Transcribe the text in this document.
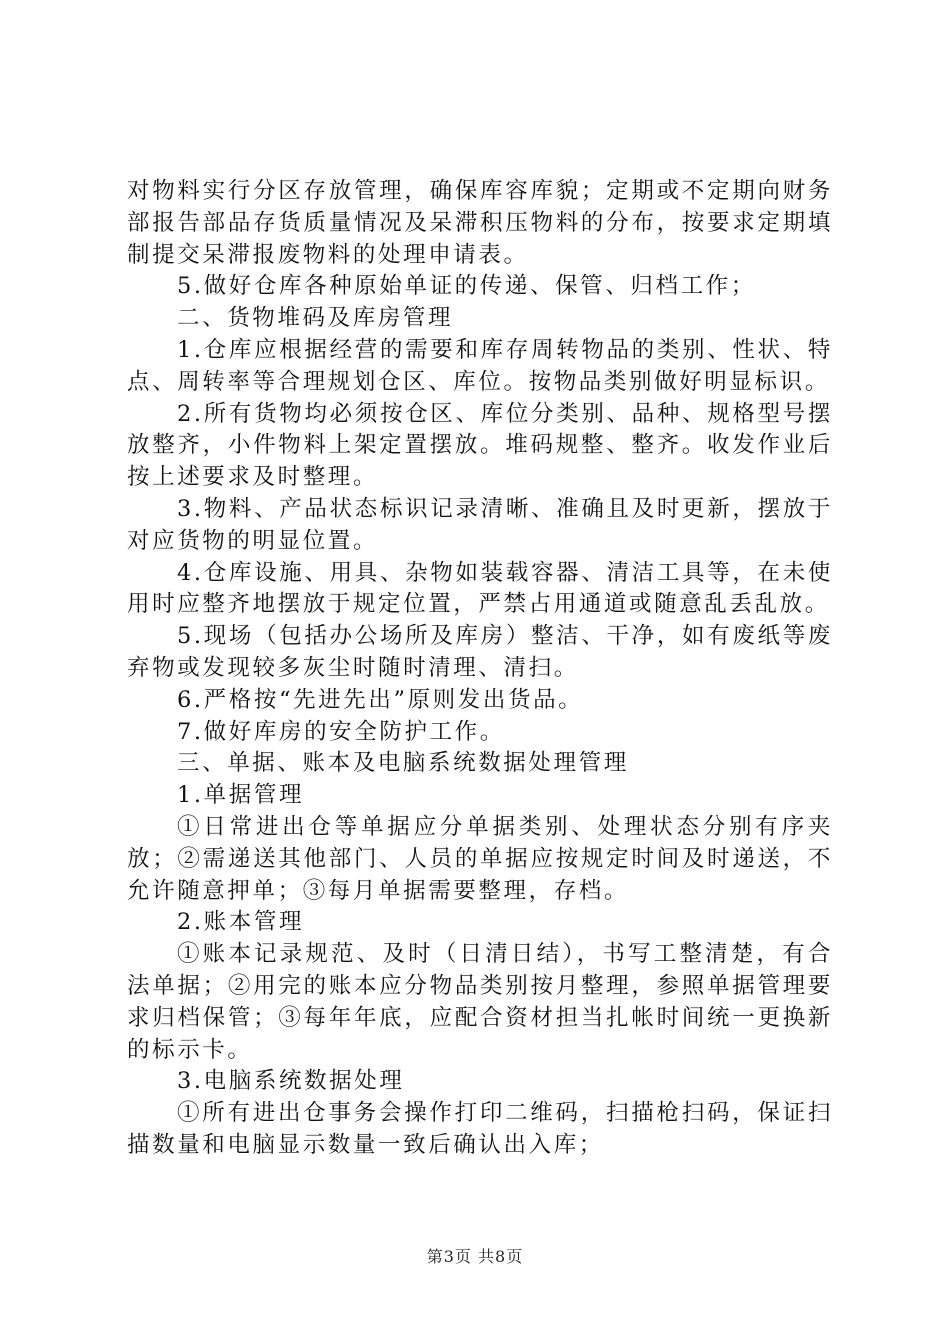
对物料实行分区存放管理，确保库容库貌；定期或不定期向财务部报告部品存货质量情况及呆滞积压物料的分布，按要求定期填制提交呆滞报废物料的处理申请表。

5.做好仓库各种原始单证的传递、保管、归档工作；

二、货物堆码及库房管理

1.仓库应根据经营的需要和库存周转物品的类别、性状、特点、周转率等合理规划仓区、库位。按物品类别做好明显标识。

2.所有货物均必须按仓区、库位分类别、品种、规格型号摆放整齐，小件物料上架定置摆放。堆码规整、整齐。收发作业后按上述要求及时整理。

3.物料、产品状态标识记录清晰、准确且及时更新，摆放于对应货物的明显位置。

4.仓库设施、用具、杂物如装载容器、清洁工具等，在未使用时应整齐地摆放于规定位置，严禁占用通道或随意乱丢乱放。

5.现场（包括办公场所及库房）整洁、干净，如有废纸等废弃物或发现较多灰尘时随时清理、清扫。

6.严格按“先进先出”原则发出货品。

7.做好库房的安全防护工作。

三、单据、账本及电脑系统数据处理管理

1.单据管理

①日常进出仓等单据应分单据类别、处理状态分别有序夹放；②需递送其他部门、人员的单据应按规定时间及时递送，不允许随意押单；③每月单据需要整理，存档。

2.账本管理

①账本记录规范、及时（日清日结），书写工整清楚，有合法单据；②用完的账本应分物品类别按月整理，参照单据管理要求归档保管；③每年年底，应配合资材担当扎帐时间统一更换新的标示卡。

3.电脑系统数据处理

①所有进出仓事务会操作打印二维码，扫描枪扫码，保证扫描数量和电脑显示数量一致后确认出入库；

第3页 共8页
